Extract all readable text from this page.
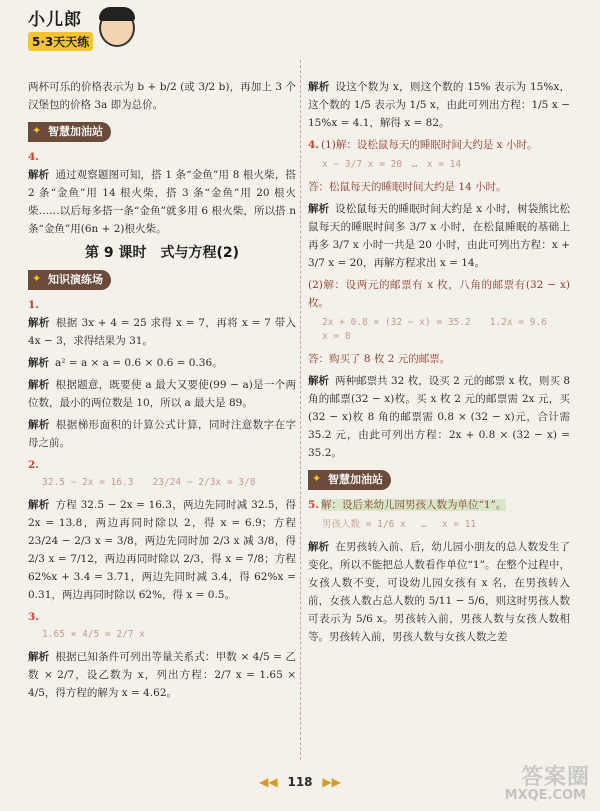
小儿郎
5·3天天练

两杯可乐的价格表示为 b + b/2 (或 3/2 b)，再加上 3 个汉堡包的价格 3a 即为总价。

✦ 智慧加油站

4.
解析 通过观察题图可知，搭 1 条“金鱼”用 8 根火柴，搭 2 条“金鱼”用 14 根火柴，搭 3 条“金鱼”用 20 根火柴……以后每多搭一条“金鱼”就多用 6 根火柴，所以搭 n 条“金鱼”用(6n + 2)根火柴。

第 9 课时　式与方程(2)
✦ 知识演练场

1.
解析 根据 3x + 4 = 25 求得 x = 7，再将 x = 7 带入 4x − 3，求得结果为 31。

解析 a² = a × a = 0.6 × 0.6 = 0.36。

解析 根据题意，既要使 a 最大又要使(99 − a)是一个两位数，最小的两位数是 10，所以 a 最大是 89。

解析 根据梯形面积的计算公式计算，同时注意数字在字母之前。

2.
32.5 − 2x = 16.3　　23/24 − 2/3x = 3/8

解析 方程 32.5 − 2x = 16.3，两边先同时减 32.5，得 2x = 13.8，两边再同时除以 2，得 x = 6.9；方程 23/24 − 2/3 x = 3/8，两边先同时加 2/3 x 减 3/8，得 2/3 x = 7/12，两边再同时除以 2/3，得 x = 7/8；方程 62%x + 3.4 = 3.71，两边先同时减 3.4，得 62%x = 0.31，两边再同时除以 62%，得 x = 0.5。

3.
1.65 × 4/5 = 2/7 x

解析 根据已知条件可列出等量关系式：甲数 × 4/5 = 乙数 × 2/7，设乙数为 x，列出方程：2/7 x = 1.65 × 4/5，得方程的解为 x = 4.62。

解析 设这个数为 x，则这个数的 15% 表示为 15%x，这个数的 1/5 表示为 1/5 x，由此可列出方程：1/5 x − 15%x = 4.1，解得 x = 82。

4. (1)解：设松鼠每天的睡眠时间大约是 x 小时。

x − 3/7 x = 20　…　x = 14

答：松鼠每天的睡眠时间大约是 14 小时。

解析 设松鼠每天的睡眠时间大约是 x 小时，树袋熊比松鼠每天的睡眠时间多 3/7 x 小时，在松鼠睡眠的基础上再多 3/7 x 小时一共是 20 小时，由此可列出方程：x + 3/7 x = 20，再解方程求出 x = 14。

(2)解：设两元的邮票有 x 枚，八角的邮票有(32 − x)枚。

2x + 0.8 × (32 − x) = 35.2　　1.2x = 9.6　　x = 8

答：购买了 8 枚 2 元的邮票。

解析 两种邮票共 32 枚，设买 2 元的邮票 x 枚，则买 8 角的邮票(32 − x)枚。买 x 枚 2 元的邮票需 2x 元，买(32 − x)枚 8 角的邮票需 0.8 × (32 − x)元，合计需 35.2 元，由此可列出方程：2x + 0.8 × (32 − x) = 35.2。

✦ 智慧加油站

5. 解：设后来幼儿园男孩人数为单位“1”。

男孩人数 = 1/6 x 　…　 x = 11

解析 在男孩转入前、后，幼儿园小朋友的总人数发生了变化，所以不能把总人数看作单位“1”。在整个过程中，女孩人数不变，可设幼儿园女孩有 x 名，在男孩转入前，女孩人数占总人数的 5/11 − 5/6，则这时男孩人数可表示为 5/6 x。男孩转入前，男孩人数与女孩人数相等。男孩转入前，男孩人数与女孩人数之差

◀◀ 118 ▶▶	答案圈
MXQE.COM
